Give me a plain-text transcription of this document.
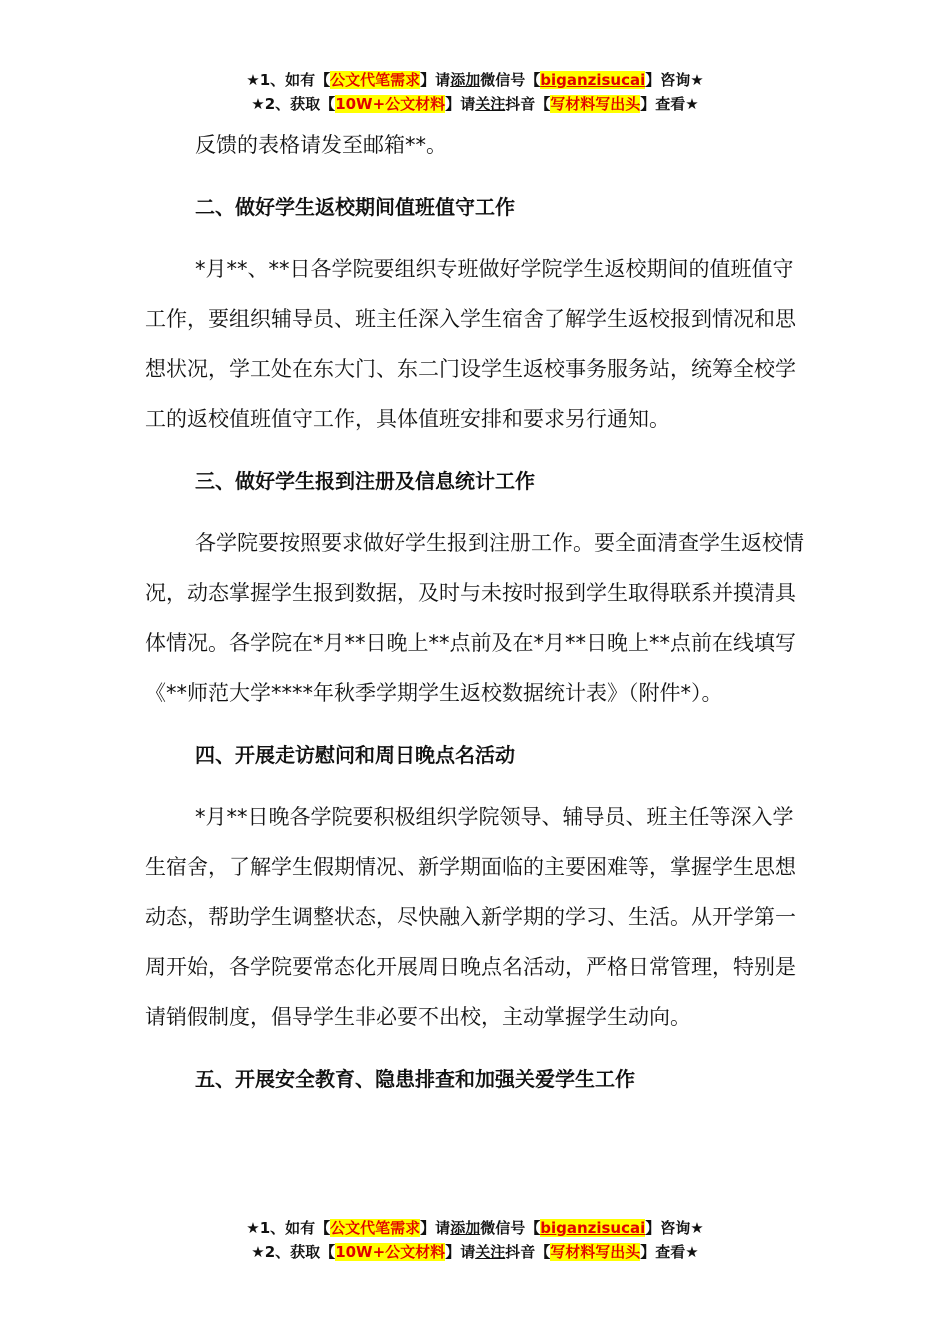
★1、如有【公文代笔需求】请添加微信号【biganzisucai】咨询★
★2、获取【10W+公文材料】请关注抖音【写材料写出头】查看★

反馈的表格请发至邮箱**。

二、做好学生返校期间值班值守工作

*月**、**日各学院要组织专班做好学院学生返校期间的值班值守工作，要组织辅导员、班主任深入学生宿舍了解学生返校报到情况和思想状况，学工处在东大门、东二门设学生返校事务服务站，统筹全校学工的返校值班值守工作，具体值班安排和要求另行通知。

三、做好学生报到注册及信息统计工作

各学院要按照要求做好学生报到注册工作。要全面清查学生返校情况，动态掌握学生报到数据，及时与未按时报到学生取得联系并摸清具体情况。各学院在*月**日晚上**点前及在*月**日晚上**点前在线填写《**师范大学****年秋季学期学生返校数据统计表》（附件*）。

四、开展走访慰问和周日晚点名活动

*月**日晚各学院要积极组织学院领导、辅导员、班主任等深入学生宿舍，了解学生假期情况、新学期面临的主要困难等，掌握学生思想动态，帮助学生调整状态，尽快融入新学期的学习、生活。从开学第一周开始，各学院要常态化开展周日晚点名活动，严格日常管理，特别是请销假制度，倡导学生非必要不出校，主动掌握学生动向。

五、开展安全教育、隐患排查和加强关爱学生工作
★1、如有【公文代笔需求】请添加微信号【biganzisucai】咨询★
★2、获取【10W+公文材料】请关注抖音【写材料写出头】查看★
